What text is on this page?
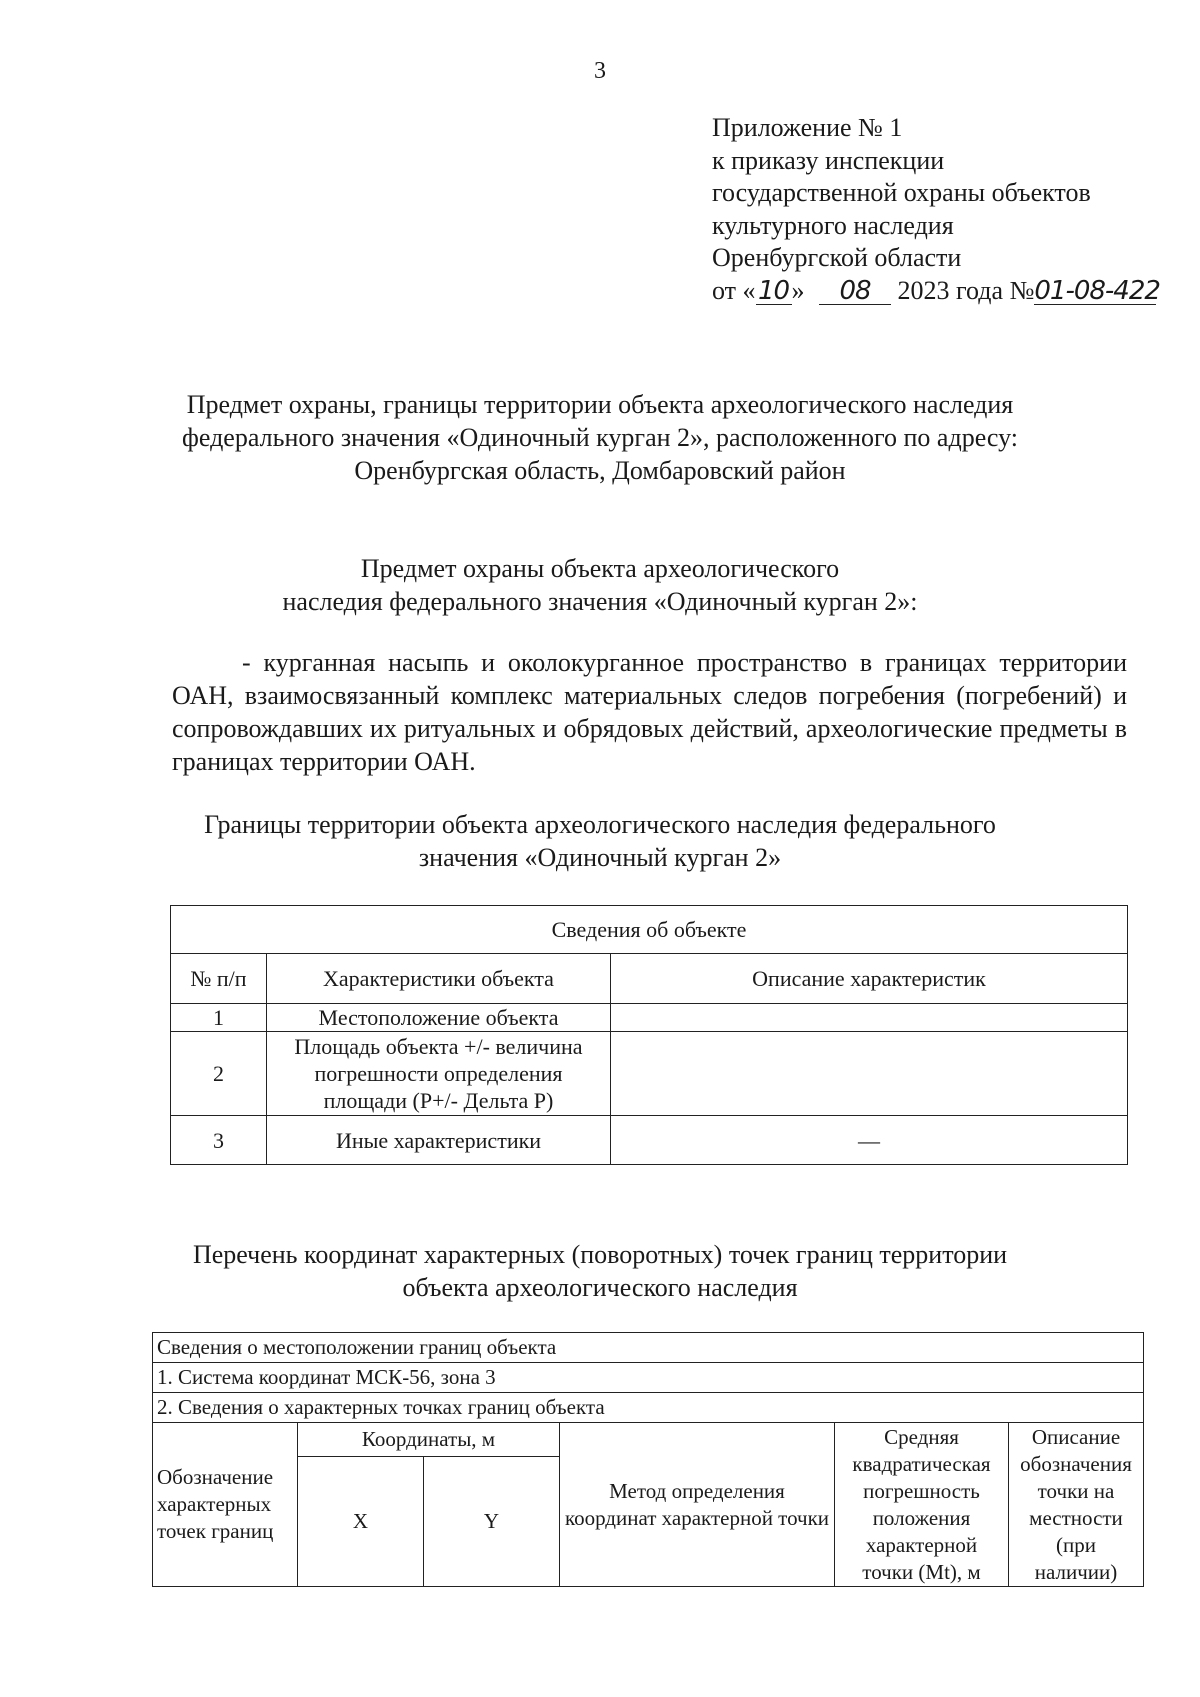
3
Приложение № 1
к приказу инспекции
государственной охраны объектов
культурного наследия
Оренбургской области
от «10» 08 2023 года №01-08-422
Предмет охраны, границы территории объекта археологического наследия
федерального значения «Одиночный курган 2», расположенного по адресу:
Оренбургская область, Домбаровский район
Предмет охраны объекта археологического
наследия федерального значения «Одиночный курган 2»:
- курганная насыпь и околокурганное пространство в границах территории ОАН, взаимосвязанный комплекс материальных следов погребения (погребений) и сопровождавших их ритуальных и обрядовых действий, археологические предметы в границах территории ОАН.
Границы территории объекта археологического наследия федерального
значения «Одиночный курган 2»
Сведения об объекте		
№ п/п	Характеристики объекта	Описание характеристик
1	Местоположение объекта	
2	Площадь объекта +/- величина погрешности определения площади (P+/- Дельта P)	
3	Иные характеристики	—
Перечень координат характерных (поворотных) точек границ территории
объекта археологического наследия
Сведения о местоположении границ объекта					
1. Система координат МСК-56, зона 3					
2. Сведения о характерных точках границ объекта					
Обозначение характерных точек границ	Координаты, м		Метод определения координат характерной точки	Средняя квадратическая погрешность положения характерной точки (Mt), м	Описание обозначения точки на местности (при наличии)
	X	Y			
